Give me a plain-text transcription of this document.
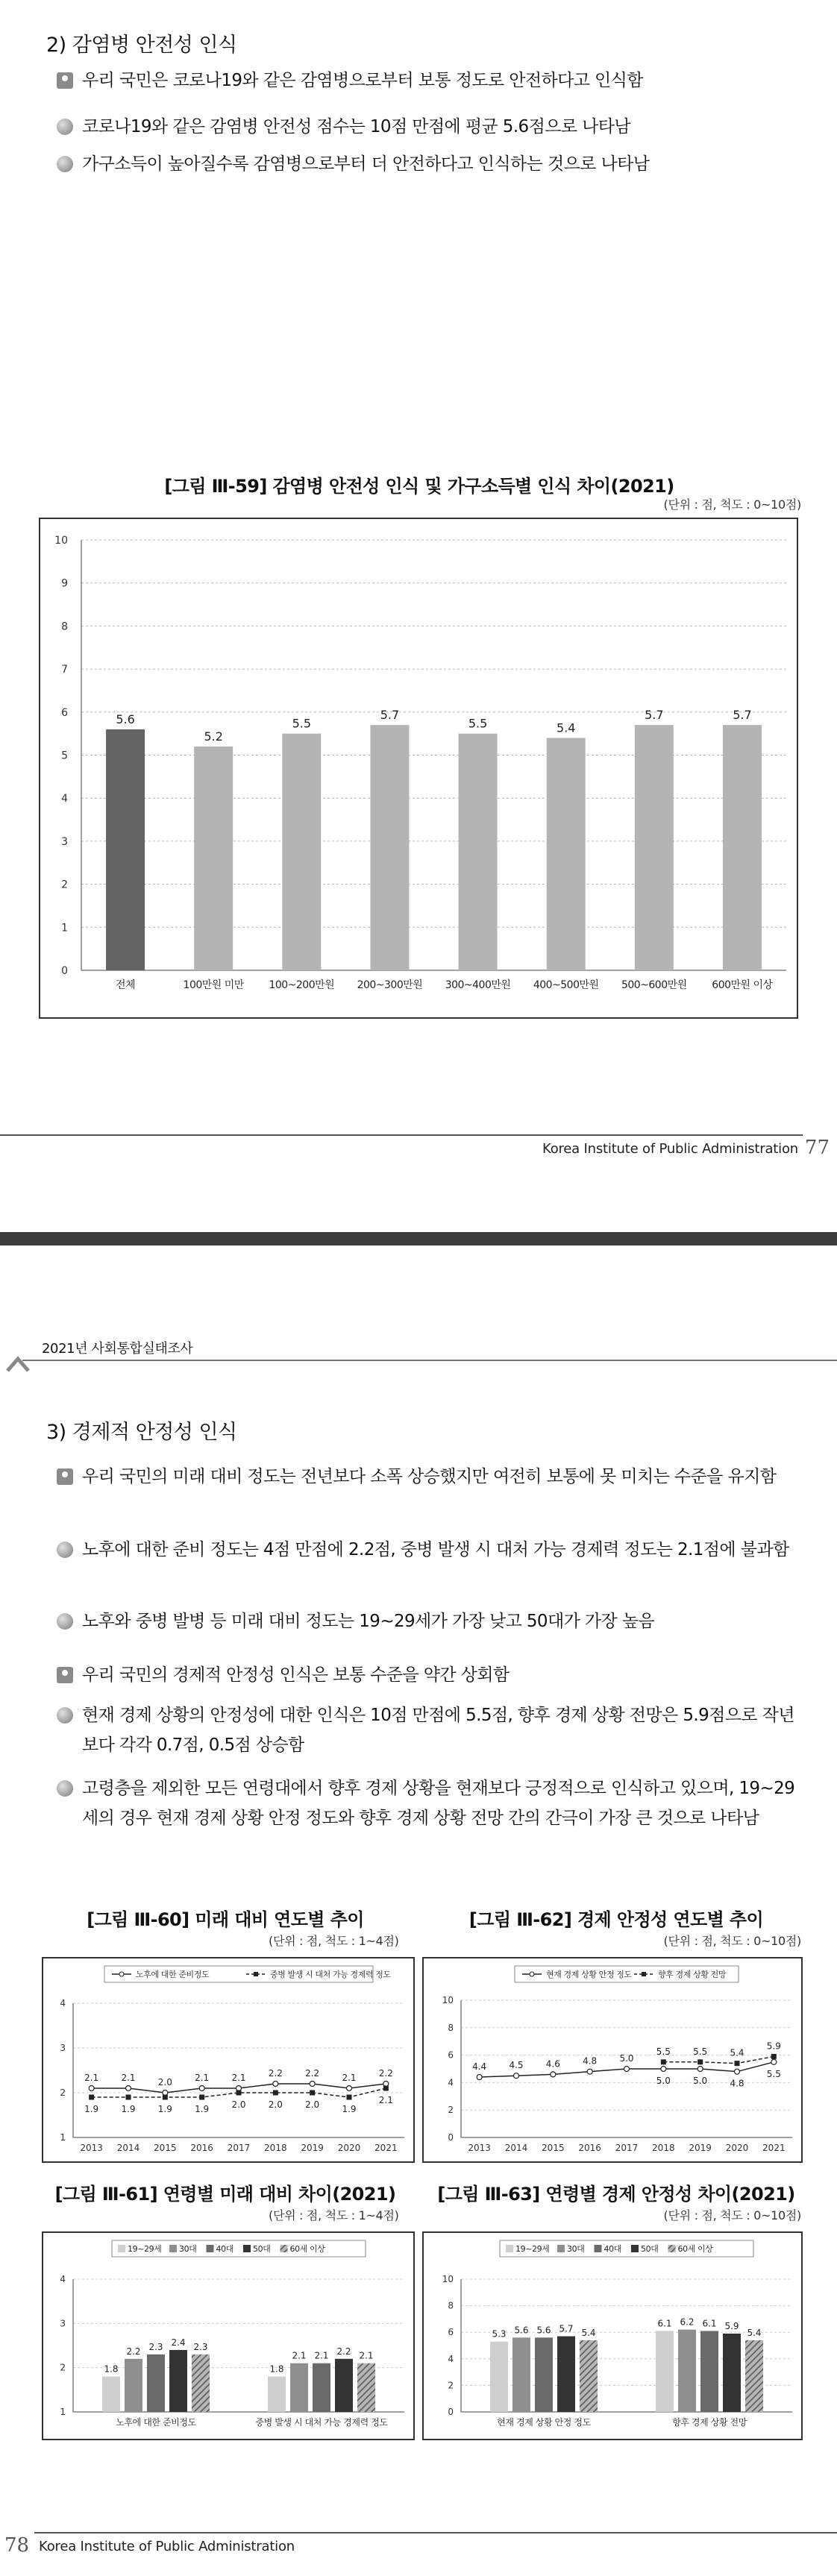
2) 감염병 안전성 인식
우리 국민은 코로나19와 같은 감염병으로부터 보통 정도로 안전하다고 인식함
코로나19와 같은 감염병 안전성 점수는 10점 만점에 평균 5.6점으로 나타남
가구소득이 높아질수록 감염병으로부터 더 안전하다고 인식하는 것으로 나타남
[그림 Ⅲ-59] 감염병 안전성 인식 및 가구소득별 인식 차이(2021)
(단위 : 점, 척도 : 0~10점)
0
1
2
3
4
5
6
7
8
9
10
5.6
전체
5.2
100만원 미만
5.5
100~200만원
5.7
200~300만원
5.5
300~400만원
5.4
400~500만원
5.7
500~600만원
5.7
600만원 이상
Korea Institute of Public Administration 77
2021년 사회통합실태조사
3) 경제적 안정성 인식
우리 국민의 미래 대비 정도는 전년보다 소폭 상승했지만 여전히 보통에 못 미치는 수준을 유지함
노후에 대한 준비 정도는 4점 만점에 2.2점, 중병 발생 시 대처 가능 경제력 정도는 2.1점에 불과함
노후와 중병 발병 등 미래 대비 정도는 19~29세가 가장 낮고 50대가 가장 높음
우리 국민의 경제적 안정성 인식은 보통 수준을 약간 상회함
현재 경제 상황의 안정성에 대한 인식은 10점 만점에 5.5점, 향후 경제 상황 전망은 5.9점으로 작년보다 각각 0.7점, 0.5점 상승함
고령층을 제외한 모든 연령대에서 향후 경제 상황을 현재보다 긍정적으로 인식하고 있으며, 19~29세의 경우 현재 경제 상황 안정 정도와 향후 경제 상황 전망 간의 간극이 가장 큰 것으로 나타남
[그림 Ⅲ-60] 미래 대비 연도별 추이
(단위 : 점, 척도 : 1~4점)
[그림 Ⅲ-62] 경제 안정성 연도별 추이
(단위 : 점, 척도 : 0~10점)
1
2
3
4
2013 2014 2015 2016 2017 2018 2019 2020 2021
노후에 대한 준비정도	중병 발생 시 대처 가능 경제력 정도
2.1	2.1	2.0	2.1	2.1	2.2	2.2	2.1	2.2
1.9	1.9	1.9	1.9	2.0	2.0	2.0	1.9
2.1
0
2
4
6
8
10
2013 2014 2015 2016 2017 2018 2019 2020 2021
현재 경제 상황 안정 정도	향후 경제 상황 전망
4.4	4.5	4.6	4.8	5.0
5.0	5.0	4.8
5.5
5.5	5.5	5.4
5.9
[그림 Ⅲ-61] 연령별 미래 대비 차이(2021)
(단위 : 점, 척도 : 1~4점)
[그림 Ⅲ-63] 연령별 경제 안정성 차이(2021)
(단위 : 점, 척도 : 0~10점)
1
2
3
4
19~29세 30대 40대 50대 60세 이상
1.8
2.2 2.3 2.4 2.3
노후에 대한 준비정도
1.8
2.1 2.1 2.2 2.1
중병 발생 시 대처 가능 경제력 정도
0
2
4
6
8
10
19~29세 30대 40대 50대 60세 이상
5.3 5.6 5.6 5.7 5.4
현재 경제 상황 안정 정도
6.1 6.2 6.1 5.9
5.4
향후 경제 상황 전망
78 Korea Institute of Public Administration
